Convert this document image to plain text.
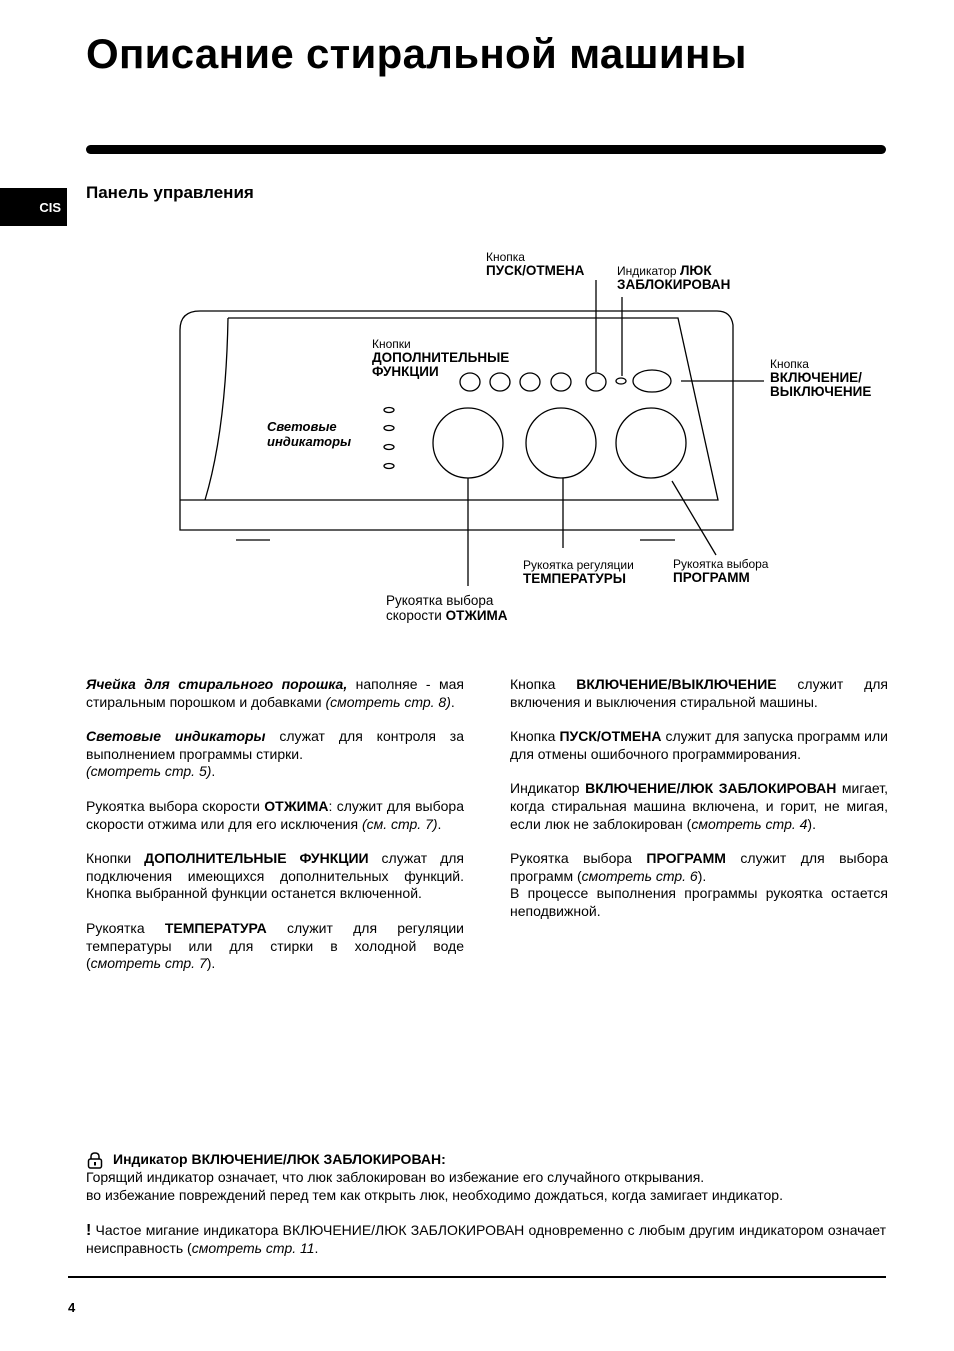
Описание стиральной машины
CIS
Панель управления
Кнопка
ПУСК/ОТМЕНА	Индикатор ЛЮК
ЗАБЛОКИРОВАН
Кнопки
ДОПОЛНИТЕЛЬНЫЕ
ФУНКЦИИ	Кнопка
ВКЛЮЧЕНИЕ/
ВЫКЛЮЧЕНИЕ
Световые
индикаторы
Рукоятка регуляции
ТЕМПЕРАТУРЫ
Рукоятка выбора
ПРОГРАММ
Рукоятка выбора
скорости ОТЖИМА

Ячейка для стирального порошка, наполняе - мая стиральным порошком и добавками (смотреть стр. 8).

Световые индикаторы служат для контроля за выполнением программы стирки.
(смотреть стр. 5).

Рукоятка выбора скорости ОТЖИМА: служит для выбора скорости отжима или для его исключения (см. стр. 7).

Кнопки ДОПОЛНИТЕЛЬНЫЕ ФУНКЦИИ служат для подключения имеющихся дополнительных функций. Кнопка выбранной функции останется включенной.

Рукоятка ТЕМПЕРАТУРА служит для регуляции температуры или для стирки в холодной воде (смотреть стр. 7).

Кнопка ВКЛЮЧЕНИЕ/ВЫКЛЮЧЕНИЕ служит для включения и выключения стиральной машины.

Кнопка ПУСК/ОТМЕНА служит для запуска программ или для отмены ошибочного программирования.

Индикатор ВКЛЮЧЕНИЕ/ЛЮК ЗАБЛОКИРОВАН мигает, когда стиральная машина включена, и горит, не мигая, если люк не заблокирован (смотреть стр. 4).

Рукоятка выбора ПРОГРАММ служит для выбора программ (смотреть стр. 6).
В процессе выполнения программы рукоятка остается неподвижной.

Индикатор ВКЛЮЧЕНИЕ/ЛЮК ЗАБЛОКИРОВАН:
Горящий индикатор означает, что люк заблокирован во избежание его случайного открывания.
во избежание повреждений перед тем как открыть люк, необходимо дождаться, когда замигает индикатор.
! Частое мигание индикатора ВКЛЮЧЕНИЕ/ЛЮК ЗАБЛОКИРОВАН одновременно с любым другим индикатором означает неисправность (смотреть стр. 11.
4
